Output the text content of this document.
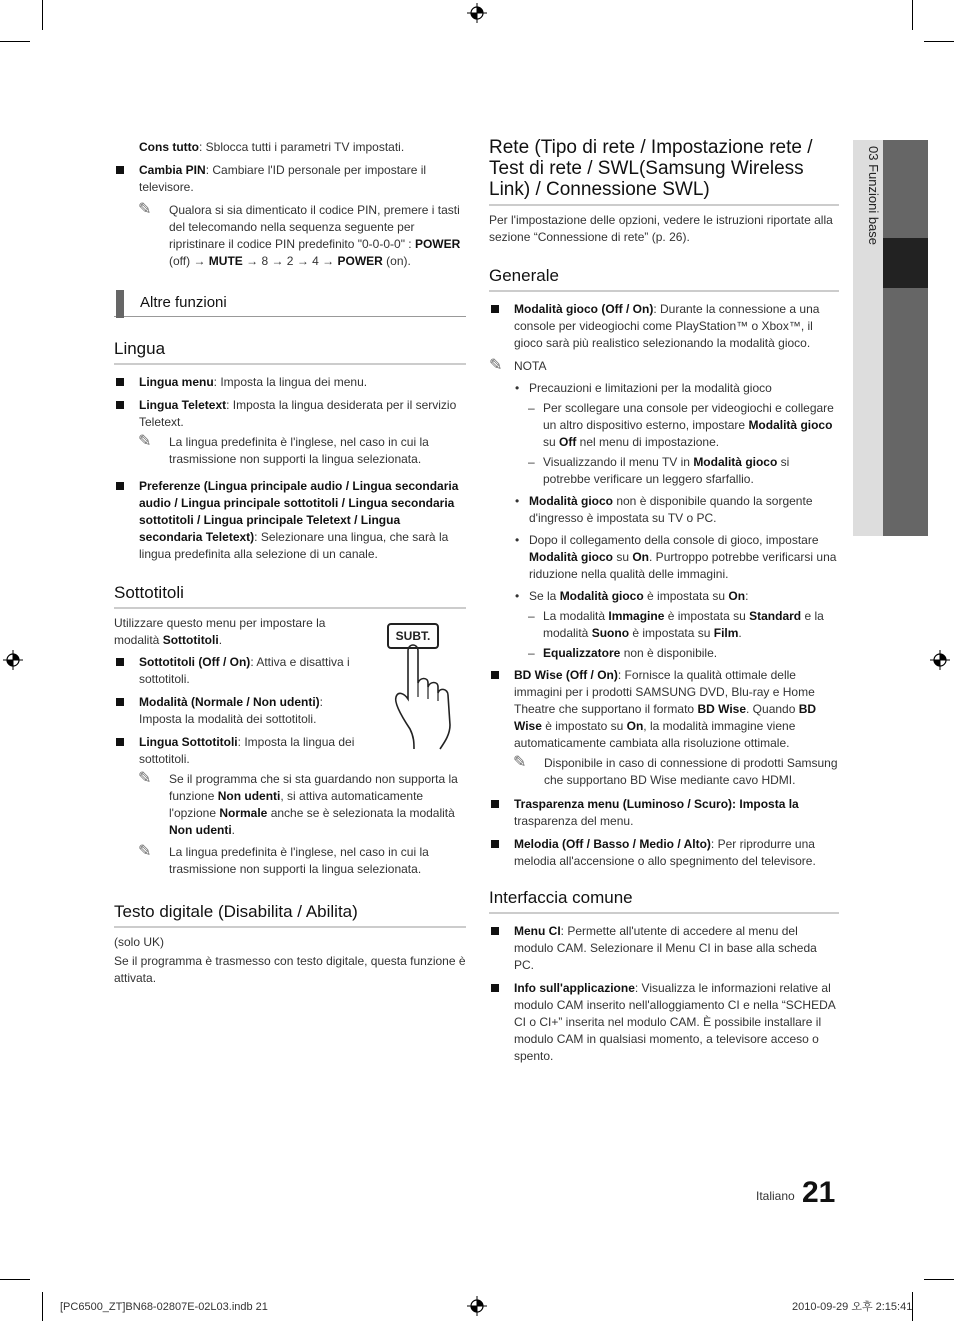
03 Funzioni base
Cons tutto: Sblocca tutti i parametri TV impostati.
Cambia PIN: Cambiare l'ID personale per impostare il televisore.
✎ Qualora si sia dimenticato il codice PIN, premere i tasti del telecomando nella sequenza seguente per ripristinare il codice PIN predefinito "0-0-0-0" : POWER (off) → MUTE → 8 → 2 → 4 → POWER (on).
Altre funzioni
Lingua
Lingua menu: Imposta la lingua dei menu.
Lingua Teletext: Imposta la lingua desiderata per il servizio Teletext.
✎ La lingua predefinita è l'inglese, nel caso in cui la trasmissione non supporti la lingua selezionata.
Preferenze (Lingua principale audio / Lingua secondaria audio / Lingua principale sottotitoli / Lingua secondaria sottotitoli / Lingua principale Teletext / Lingua secondaria Teletext): Selezionare una lingua, che sarà la lingua predefinita alla selezione di un canale.
Sottotitoli
Utilizzare questo menu per impostare la modalità Sottotitoli.	SUBT.
Sottotitoli (Off / On): Attiva e disattiva i sottotitoli.
Modalità (Normale / Non udenti): Imposta la modalità dei sottotitoli.
Lingua Sottotitoli: Imposta la lingua dei sottotitoli.
✎ Se il programma che si sta guardando non supporta la funzione Non udenti, si attiva automaticamente l'opzione Normale anche se è selezionata la modalità Non udenti.
✎ La lingua predefinita è l'inglese, nel caso in cui la trasmissione non supporti la lingua selezionata.
Testo digitale (Disabilita / Abilita)
(solo UK)
Se il programma è trasmesso con testo digitale, questa funzione è attivata.
Rete (Tipo di rete / Impostazione rete / Test di rete / SWL(Samsung Wireless Link) / Connessione SWL)
Per l'impostazione delle opzioni, vedere le istruzioni riportate alla sezione “Connessione di rete” (p. 26).
Generale
Modalità gioco (Off / On): Durante la connessione a una console per videogiochi come PlayStation™ o Xbox™, il gioco sarà più realistico selezionando la modalità gioco.
✎ NOTA
• Precauzioni e limitazioni per la modalità gioco
– Per scollegare una console per videogiochi e collegare un altro dispositivo esterno, impostare Modalità gioco su Off nel menu di impostazione.
– Visualizzando il menu TV in Modalità gioco si potrebbe verificare un leggero sfarfallio.
• Modalità gioco non è disponibile quando la sorgente d'ingresso è impostata su TV o PC.
• Dopo il collegamento della console di gioco, impostare Modalità gioco su On. Purtroppo potrebbe verificarsi una riduzione nella qualità delle immagini.
• Se la Modalità gioco è impostata su On:
– La modalità Immagine è impostata su Standard e la modalità Suono è impostata su Film.
– Equalizzatore non è disponibile.
BD Wise (Off / On): Fornisce la qualità ottimale delle immagini per i prodotti SAMSUNG DVD, Blu-ray e Home Theatre che supportano il formato BD Wise. Quando BD Wise è impostato su On, la modalità immagine viene automaticamente cambiata alla risoluzione ottimale.
✎ Disponibile in caso di connessione di prodotti Samsung che supportano BD Wise mediante cavo HDMI.
Trasparenza menu (Luminoso / Scuro): Imposta la trasparenza del menu.
Melodia (Off / Basso / Medio / Alto): Per riprodurre una melodia all'accensione o allo spegnimento del televisore.
Interfaccia comune
Menu CI: Permette all'utente di accedere al menu del modulo CAM. Selezionare il Menu CI in base alla scheda PC.
Info sull'applicazione: Visualizza le informazioni relative al modulo CAM inserito nell'alloggiamento CI e nella “SCHEDA CI o CI+” inserita nel modulo CAM. È possibile installare il modulo CAM in qualsiasi momento, a televisore acceso o spento.
Italiano 21
[PC6500_ZT]BN68-02807E-02L03.indb 21	2010-09-29 오후 2:15:41
